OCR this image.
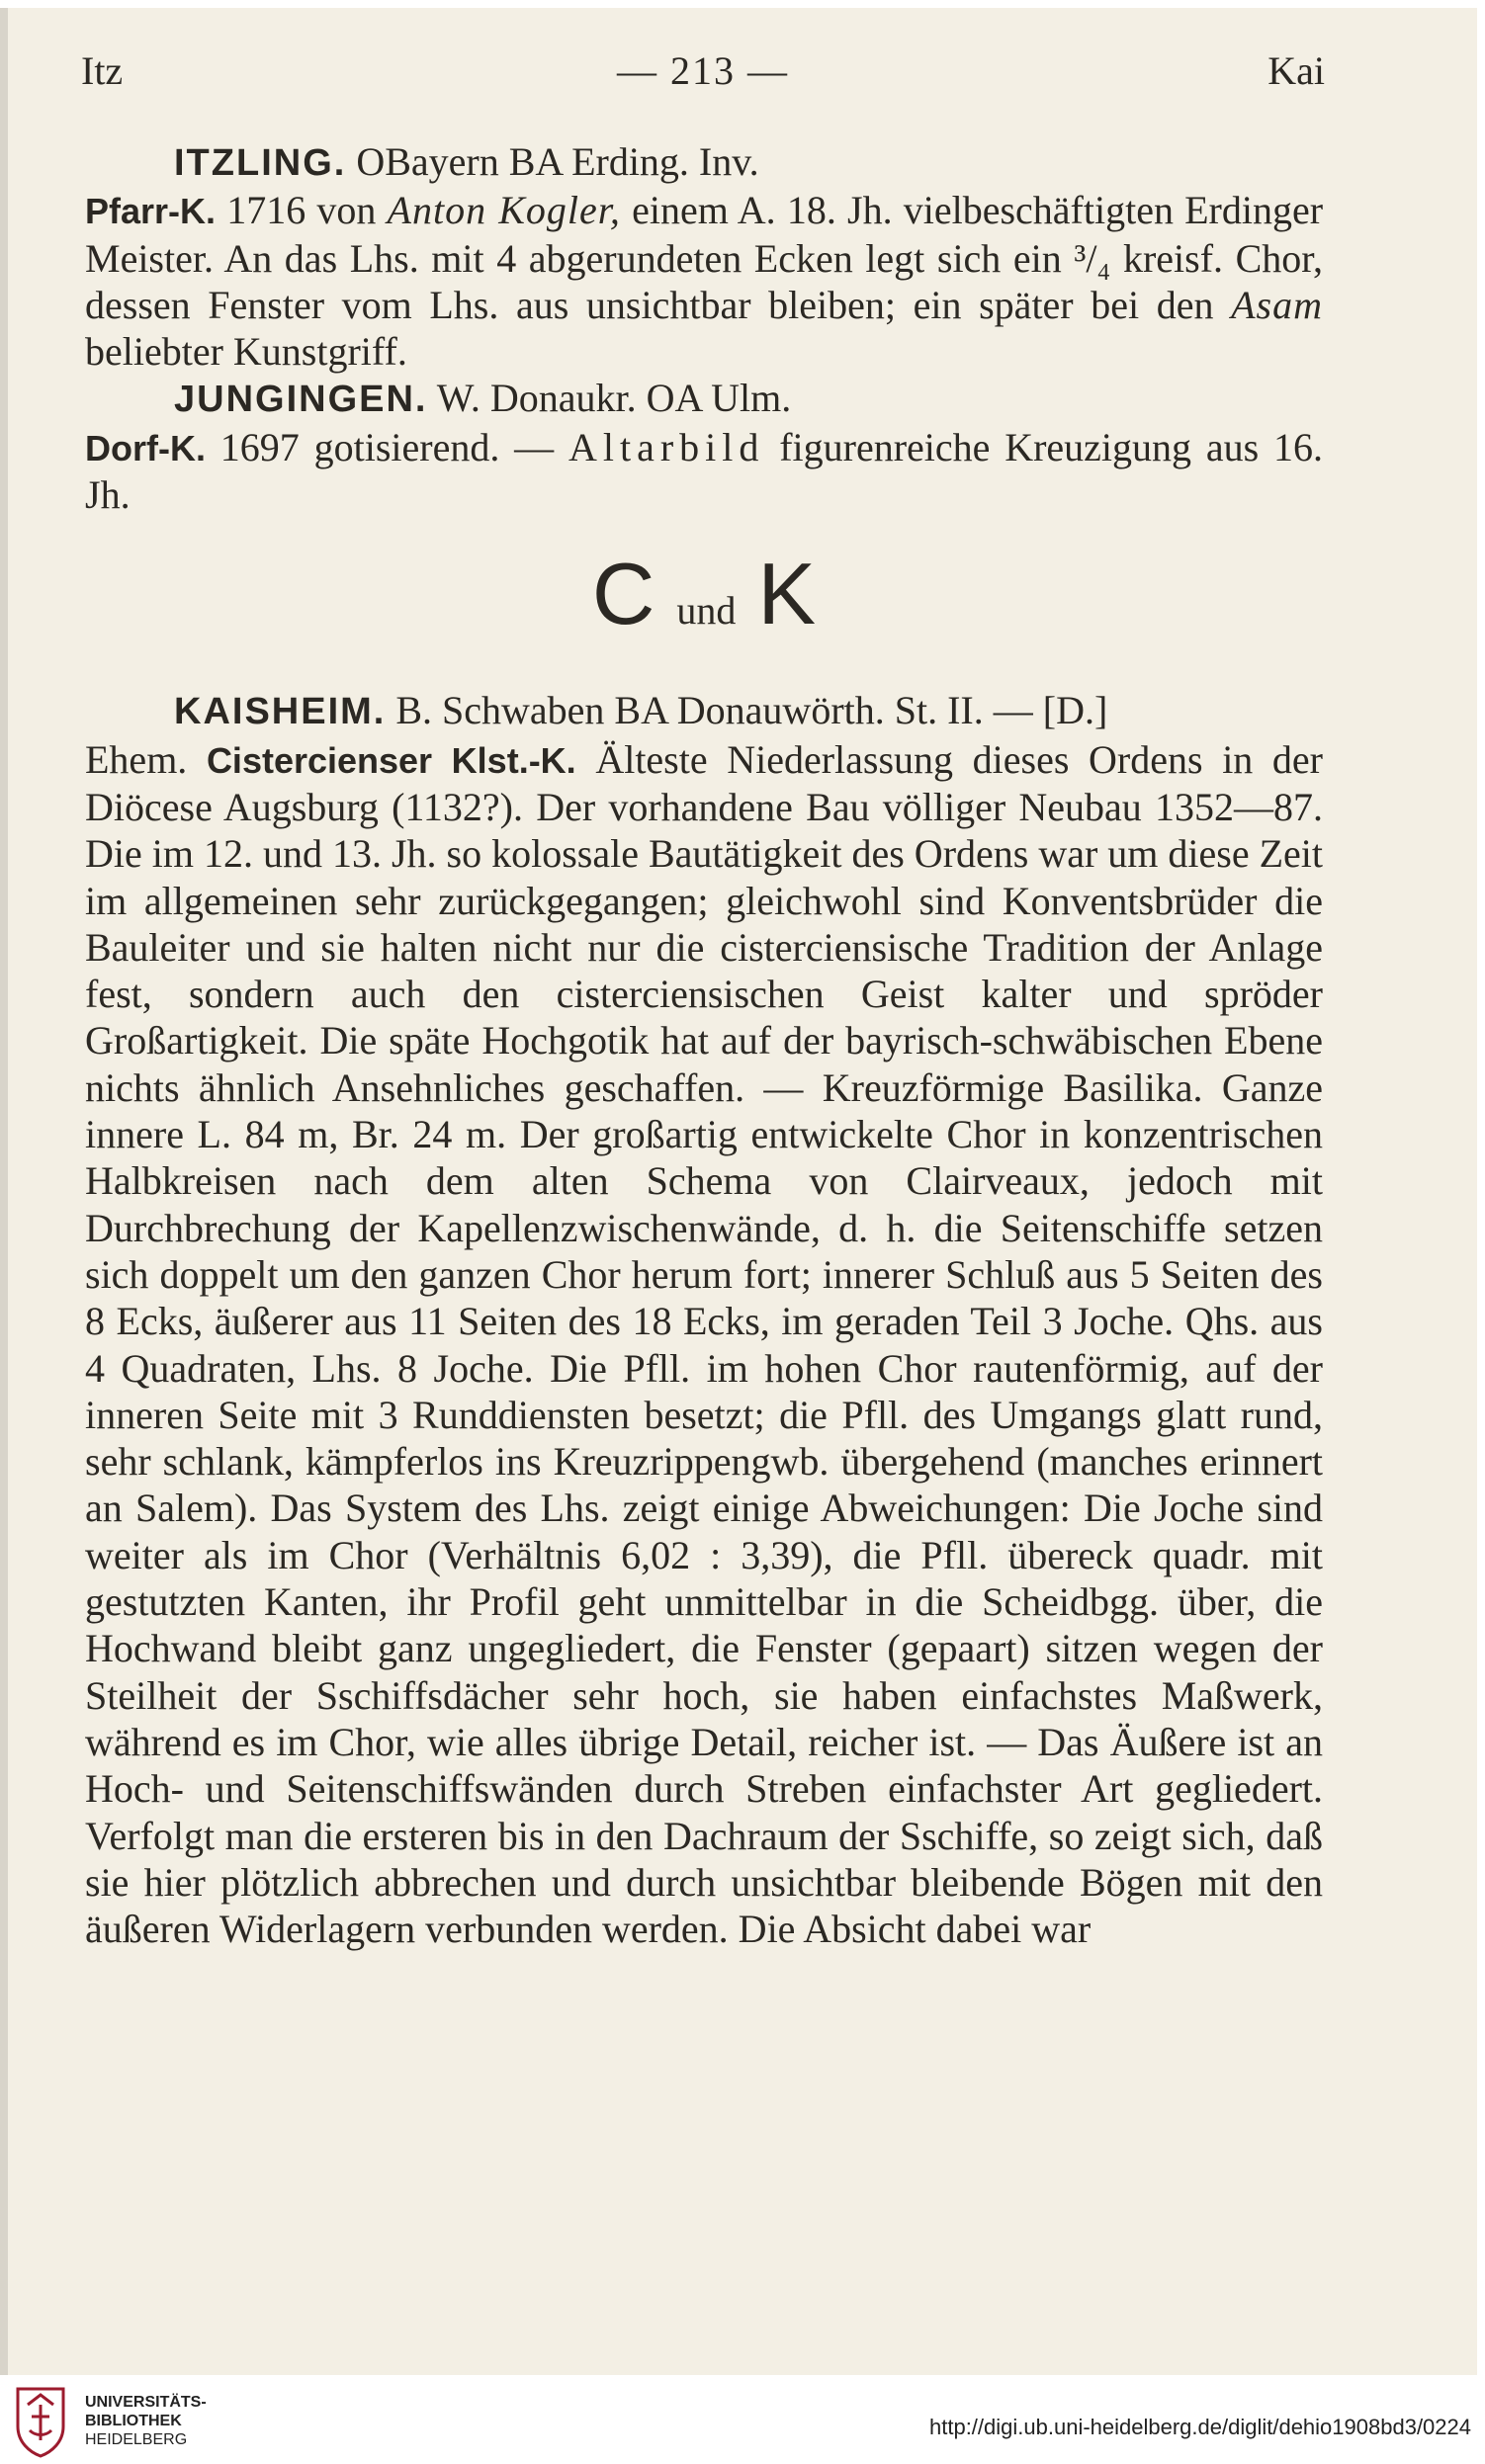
Itz	— 213 —	Kai

ITZLING. OBayern BA Erding. Inv.

Pfarr-K. 1716 von Anton Kogler, einem A. 18. Jh. vielbeschäftigten Erdinger Meister. An das Lhs. mit 4 abgerundeten Ecken legt sich ein ³/₄ kreisf. Chor, dessen Fenster vom Lhs. aus unsichtbar bleiben; ein später bei den Asam beliebter Kunstgriff.

JUNGINGEN. W. Donaukr. OA Ulm.

Dorf-K. 1697 gotisierend. — Altarbild figurenreiche Kreuzigung aus 16. Jh.

C und K

KAISHEIM. B. Schwaben BA Donauwörth. St. II. — [D.]

Ehem. Cistercienser Klst.-K. Älteste Niederlassung dieses Ordens in der Diöcese Augsburg (1132?). Der vorhandene Bau völliger Neubau 1352—87. Die im 12. und 13. Jh. so kolossale Bautätigkeit des Ordens war um diese Zeit im allgemeinen sehr zurückgegangen; gleichwohl sind Konventsbrüder die Bauleiter und sie halten nicht nur die cisterciensische Tradition der Anlage fest, sondern auch den cisterciensischen Geist kalter und spröder Großartigkeit. Die späte Hochgotik hat auf der bayrisch-schwäbischen Ebene nichts ähnlich Ansehnliches geschaffen. — Kreuzförmige Basilika. Ganze innere L. 84 m, Br. 24 m. Der großartig entwickelte Chor in konzentrischen Halbkreisen nach dem alten Schema von Clairveaux, jedoch mit Durchbrechung der Kapellenzwischenwände, d. h. die Seitenschiffe setzen sich doppelt um den ganzen Chor herum fort; innerer Schluß aus 5 Seiten des 8 Ecks, äußerer aus 11 Seiten des 18 Ecks, im geraden Teil 3 Joche. Qhs. aus 4 Quadraten, Lhs. 8 Joche. Die Pfll. im hohen Chor rautenförmig, auf der inneren Seite mit 3 Runddiensten besetzt; die Pfll. des Umgangs glatt rund, sehr schlank, kämpferlos ins Kreuzrippengwb. übergehend (manches erinnert an Salem). Das System des Lhs. zeigt einige Abweichungen: Die Joche sind weiter als im Chor (Verhältnis 6,02 : 3,39), die Pfll. übereck quadr. mit gestutzten Kanten, ihr Profil geht unmittelbar in die Scheidbgg. über, die Hochwand bleibt ganz ungegliedert, die Fenster (gepaart) sitzen wegen der Steilheit der Sschiffsdächer sehr hoch, sie haben einfachstes Maßwerk, während es im Chor, wie alles übrige Detail, reicher ist. — Das Äußere ist an Hoch- und Seitenschiffswänden durch Streben einfachster Art gegliedert. Verfolgt man die ersteren bis in den Dachraum der Sschiffe, so zeigt sich, daß sie hier plötzlich abbrechen und durch unsichtbar bleibende Bögen mit den äußeren Widerlagern verbunden werden. Die Absicht dabei war

UNIVERSITÄTS-
BIBLIOTHEK
HEIDELBERG
http://digi.ub.uni-heidelberg.de/diglit/dehio1908bd3/0224
